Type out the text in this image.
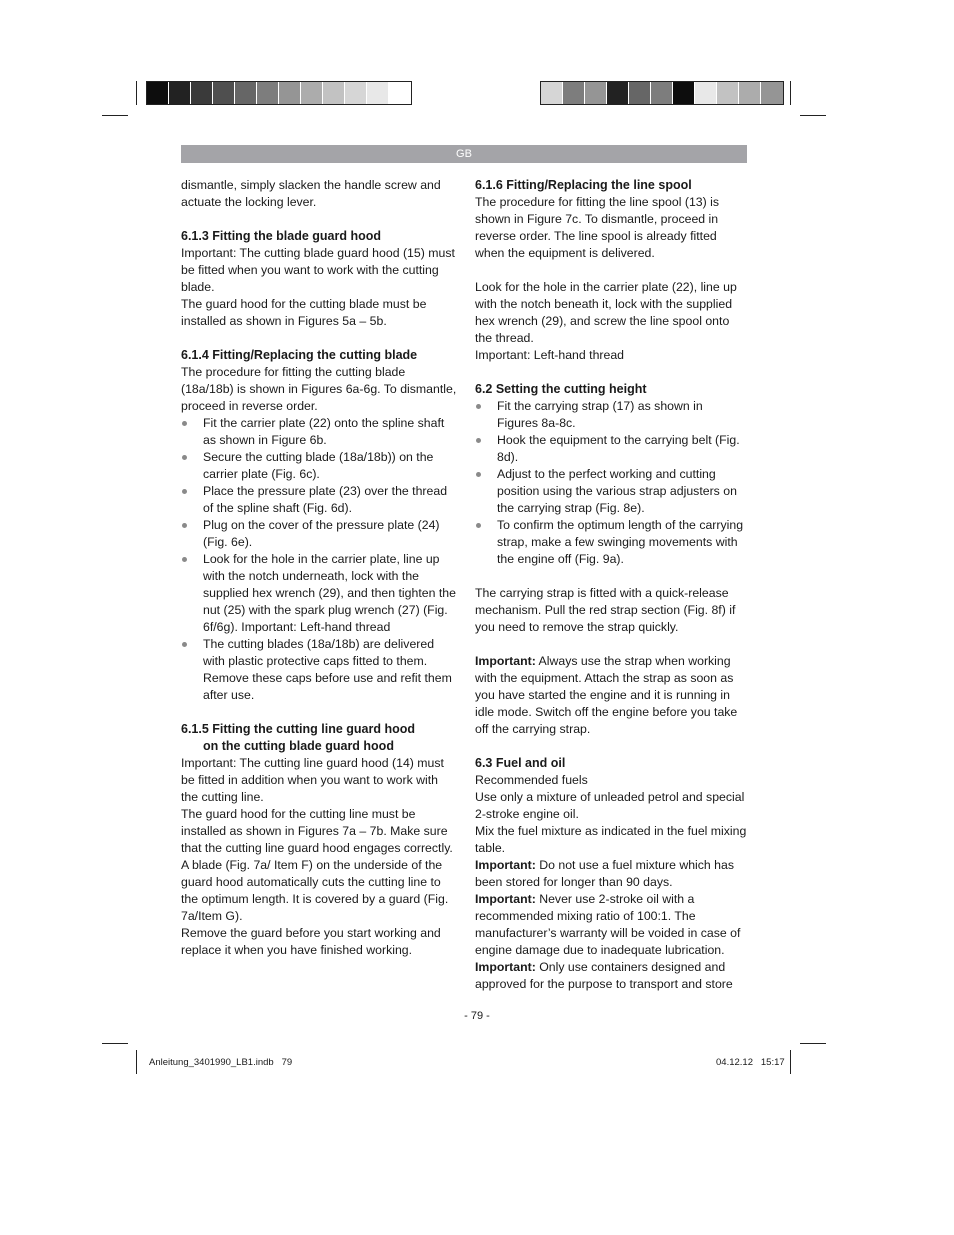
GB

dismantle, simply slacken the handle screw and actuate the locking lever.

6.1.3 Fitting the blade guard hood

Important: The cutting blade guard hood (15) must be fitted when you want to work with the cutting blade.

The guard hood for the cutting blade must be installed as shown in Figures 5a – 5b.

6.1.4 Fitting/Replacing the cutting blade

The procedure for fitting the cutting blade (18a/18b) is shown in Figures 6a-6g. To dismantle, proceed in reverse order.

Fit the carrier plate (22) onto the spline shaft as shown in Figure 6b.
Secure the cutting blade (18a/18b)) on the carrier plate (Fig. 6c).
Place the pressure plate (23) over the thread of the spline shaft (Fig. 6d).
Plug on the cover of the pressure plate (24) (Fig. 6e).
Look for the hole in the carrier plate, line up with the notch underneath, lock with the supplied hex wrench (29), and then tighten the nut (25) with the spark plug wrench (27) (Fig. 6f/6g). Important: Left-hand thread
The cutting blades (18a/18b) are delivered with plastic protective caps fitted to them. Remove these caps before use and refit them after use.
6.1.5 Fitting the cutting line guard hood
on the cutting blade guard hood

Important: The cutting line guard hood (14) must be fitted in addition when you want to work with the cutting line.

The guard hood for the cutting line must be installed as shown in Figures 7a – 7b. Make sure that the cutting line guard hood engages correctly. A blade (Fig. 7a/ Item F) on the underside of the guard hood automatically cuts the cutting line to the optimum length. It is covered by a guard (Fig. 7a/Item G).

Remove the guard before you start working and replace it when you have finished working.

6.1.6 Fitting/Replacing the line spool

The procedure for fitting the line spool (13) is shown in Figure 7c. To dismantle, proceed in reverse order. The line spool is already fitted when the equipment is delivered.

Look for the hole in the carrier plate (22), line up with the notch beneath it, lock with the supplied hex wrench (29), and screw the line spool onto the thread.

Important: Left-hand thread

6.2 Setting the cutting height
Fit the carrying strap (17) as shown in Figures 8a-8c.
Hook the equipment to the carrying belt (Fig. 8d).
Adjust to the perfect working and cutting position using the various strap adjusters on the carrying strap (Fig. 8e).
To confirm the optimum length of the carrying strap, make a few swinging movements with the engine off (Fig. 9a).

The carrying strap is fitted with a quick-release mechanism. Pull the red strap section (Fig. 8f) if you need to remove the strap quickly.

Important: Always use the strap when working with the equipment. Attach the strap as soon as you have started the engine and it is running in idle mode. Switch off the engine before you take off the carrying strap.

6.3 Fuel and oil

Recommended fuels

Use only a mixture of unleaded petrol and special 2-stroke engine oil.

Mix the fuel mixture as indicated in the fuel mixing table.

Important: Do not use a fuel mixture which has been stored for longer than 90 days.

Important: Never use 2-stroke oil with a recommended mixing ratio of 100:1. The manufacturer’s warranty will be voided in case of engine damage due to inadequate lubrication.

Important: Only use containers designed and approved for the purpose to transport and store

- 79 -
Anleitung_3401990_LB1.indb   79	04.12.12   15:17
